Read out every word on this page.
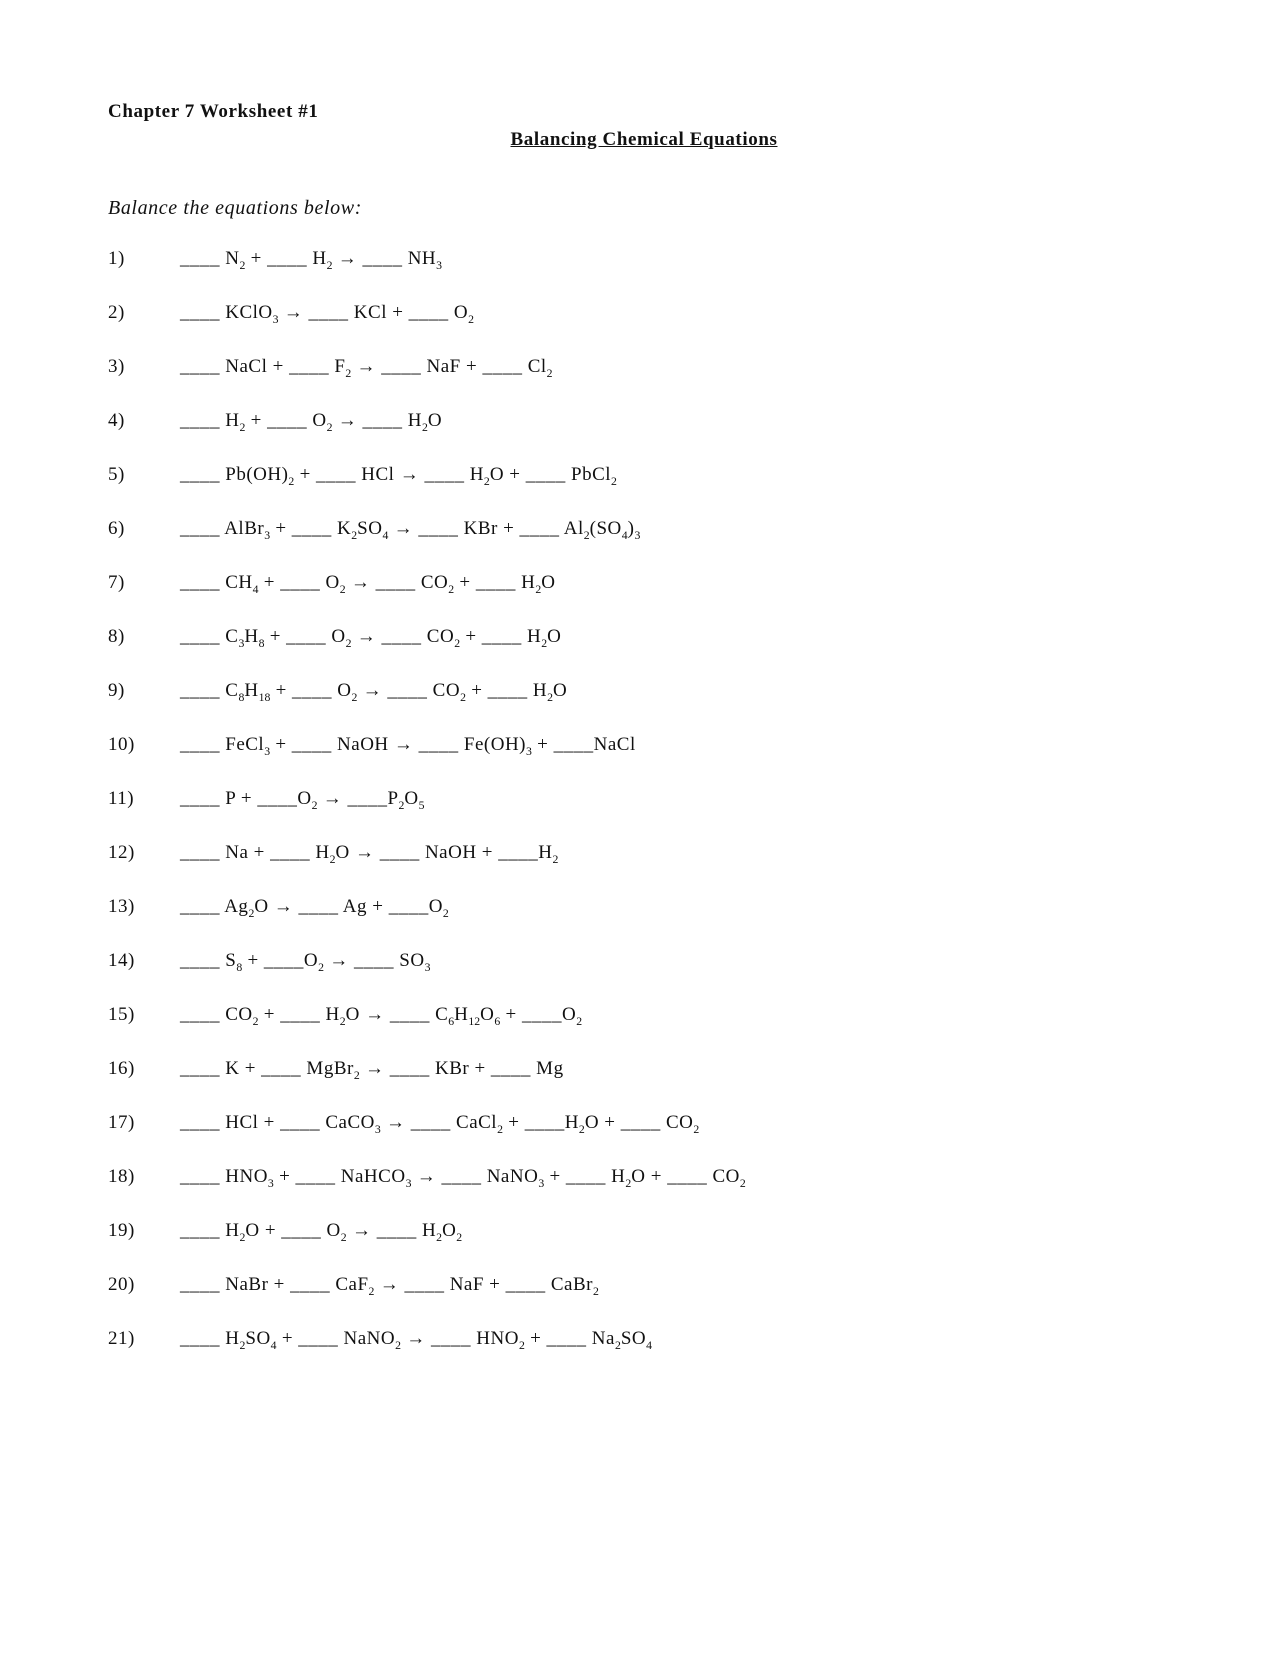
Chapter 7 Worksheet #1
Balancing Chemical Equations
Balance the equations below:
1)	____ $N_2$ + ____ $H_2$ → ____ $NH_3$
2)	____ KClO$_3$ → ____ KCl + ____ $O_2$
3)	____ NaCl + ____ $F_2$ → ____ NaF + ____ $Cl_2$
4)	____ $H_2$ + ____ $O_2$ → ____ $H_2O$
5)	____ $Pb(OH)_2$ + ____ HCl → ____ $H_2O$ + ____ PbCl$_2$
6)	____ AlBr$_3$ + ____ $K_2SO_4$ → ____ KBr + ____ $Al_2(SO_4)_3$
7)	____ $CH_4$ + ____ $O_2$ → ____ $CO_2$ + ____ $H_2O$
8)	____ $C_3H_8$ + ____ $O_2$ → ____ $CO_2$ + ____ $H_2O$
9)	____ $C_8H_{18}$ + ____ $O_2$ → ____ $CO_2$ + ____ $H_2O$
10)	____ FeCl$_3$ + ____ NaOH → ____ $Fe(OH)_3$ + ____NaCl
11)	____ $P + \_\_\_\_O_2$ → $\_\_\_\_P_2O_5$
12)	____ Na + ____ $H_2O$ → ____ NaOH + $\_\_\_\_H_2$
13)	____ $Ag_2O$ → ____ $Ag + \_\_\_\_O_2$
14)	____ $S_8$ + $\_\_\_\_O_2$ → ____ $SO_3$
15)	____ $CO_2$ + ____ $H_2O$ → ____ $C_6H_{12}O_6$ + $\_\_\_\_O_2$
16)	____ K + ____ MgBr$_2$ → ____ KBr + ____ Mg
17)	____ HCl + ____ CaCO$_3$ → ____ CaCl$_2$ + $\_\_\_\_H_2O$ + ____ $CO_2$
18)	____ $HNO_3$ + ____ NaHCO$_3$ → ____ NaNO$_3$ + ____ $H_2O$ + ____ $CO_2$
19)	____ $H_2O$ + ____ $O_2$ → ____ $H_2O_2$
20)	____ NaBr + ____ CaF$_2$ → ____ NaF + ____ CaBr$_2$
21)	____ $H_2SO_4$ + ____ NaNO$_2$ → ____ $HNO_2$ + ____ $Na_2SO_4$
